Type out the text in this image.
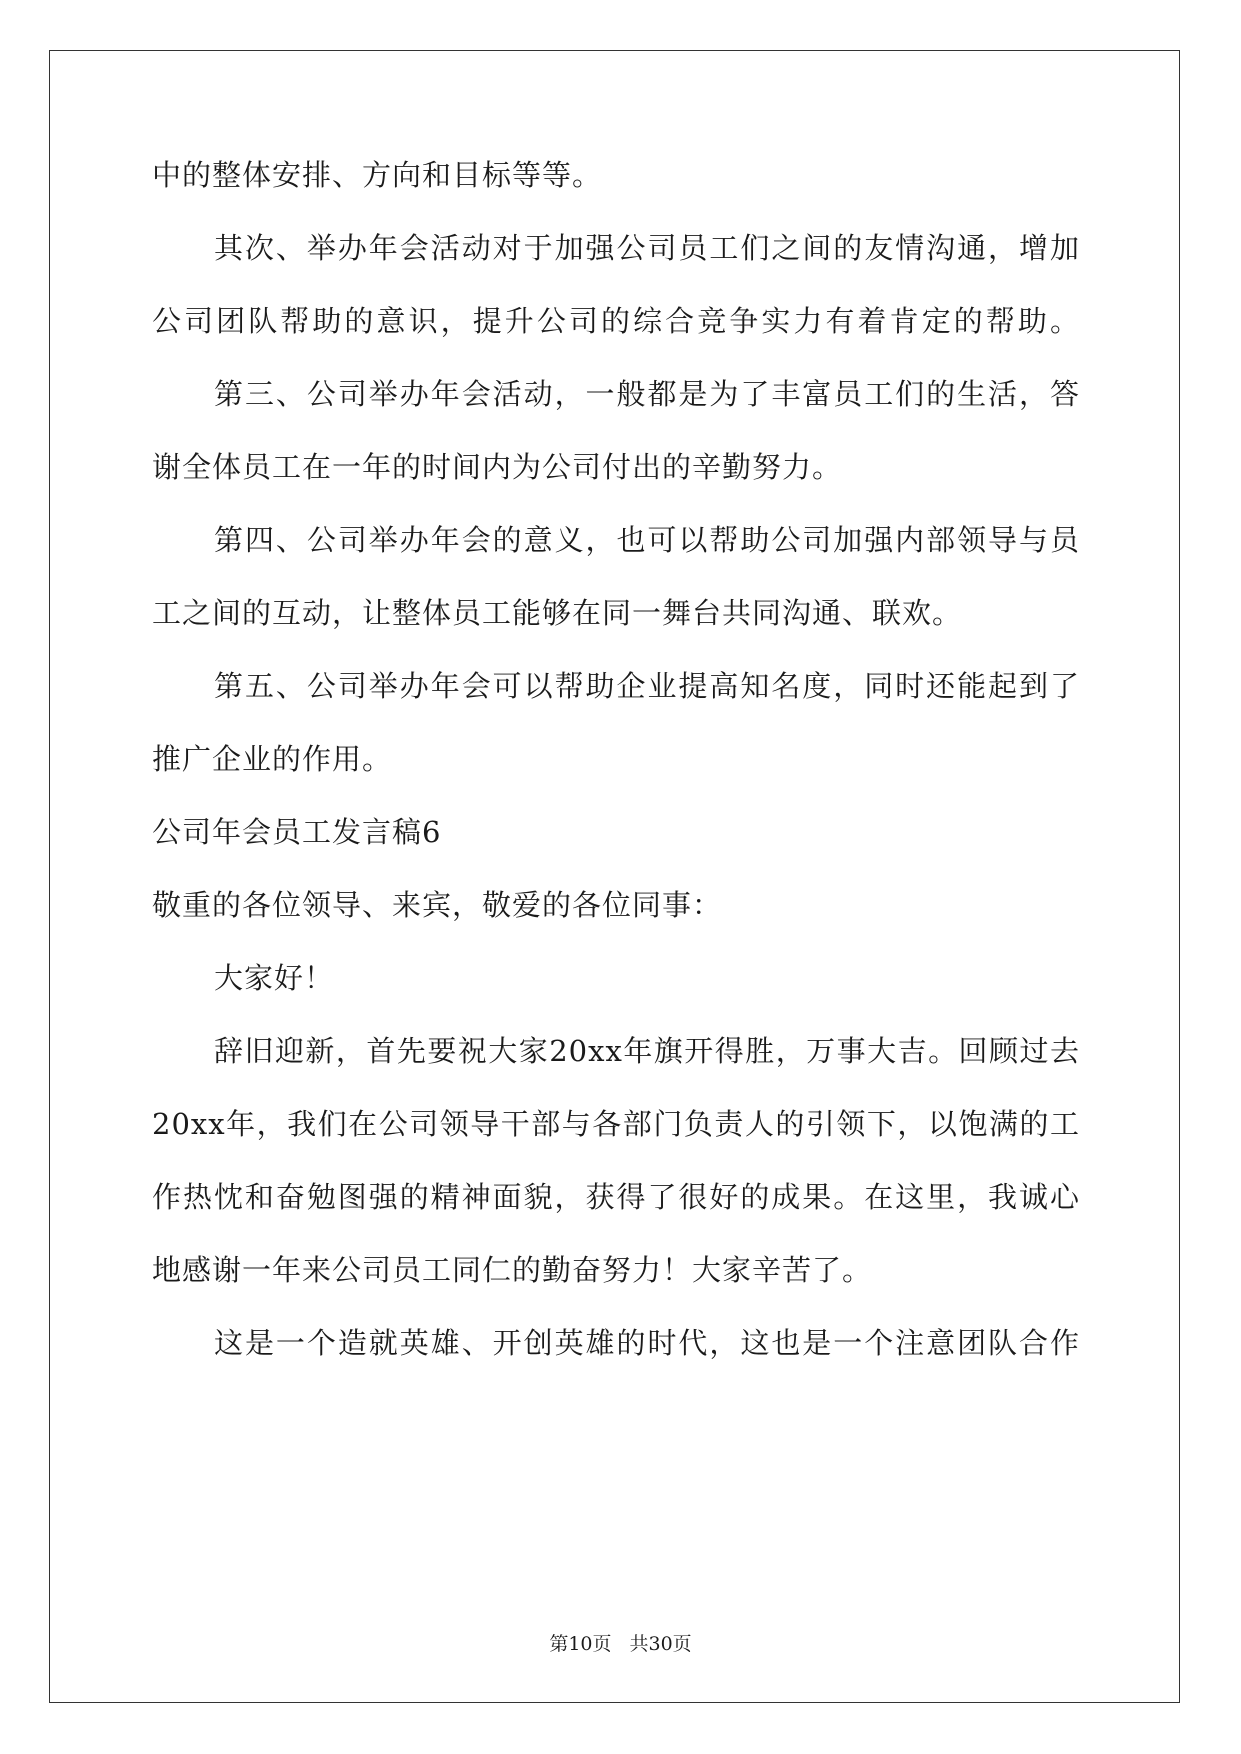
中的整体安排、方向和目标等等。
其次、举办年会活动对于加强公司员工们之间的友情沟通，增加
公司团队帮助的意识，提升公司的综合竞争实力有着肯定的帮助。
第三、公司举办年会活动，一般都是为了丰富员工们的生活，答
谢全体员工在一年的时间内为公司付出的辛勤努力。
第四、公司举办年会的意义，也可以帮助公司加强内部领导与员
工之间的互动，让整体员工能够在同一舞台共同沟通、联欢。
第五、公司举办年会可以帮助企业提高知名度，同时还能起到了
推广企业的作用。
公司年会员工发言稿6
敬重的各位领导、来宾，敬爱的各位同事：
大家好！
辞旧迎新，首先要祝大家20xx年旗开得胜，万事大吉。回顾过去
20xx年，我们在公司领导干部与各部门负责人的引领下，以饱满的工
作热忱和奋勉图强的精神面貌，获得了很好的成果。在这里，我诚心
地感谢一年来公司员工同仁的勤奋努力！大家辛苦了。
这是一个造就英雄、开创英雄的时代，这也是一个注意团队合作
第10页 共30页
